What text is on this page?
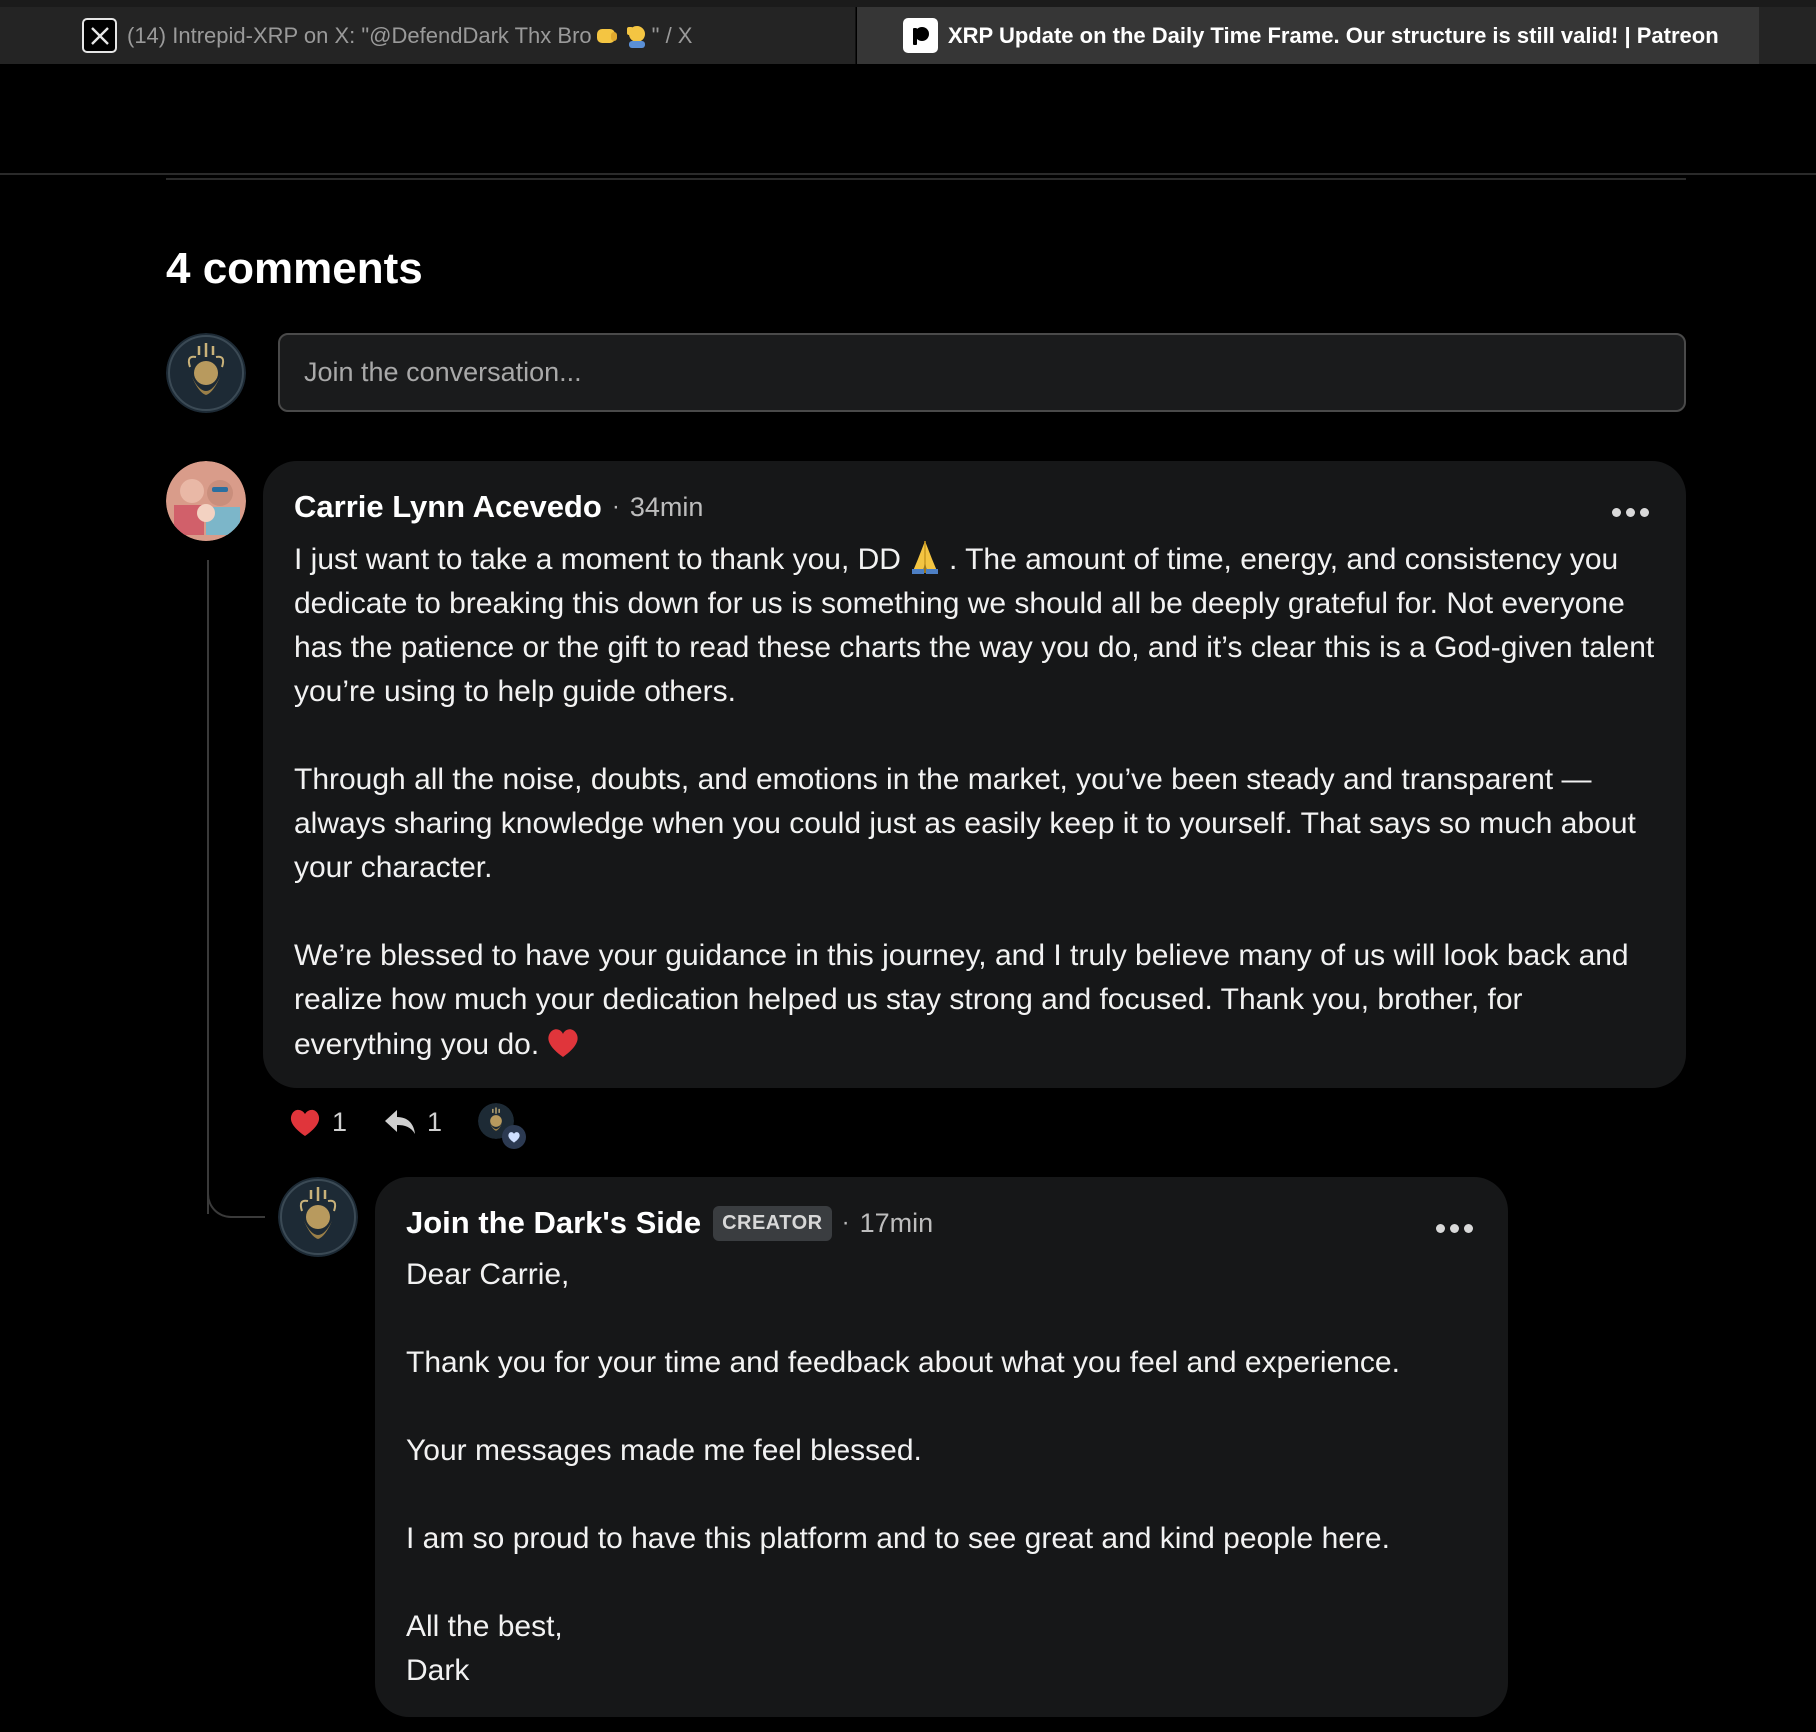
(14) Intrepid-XRP on X: "@DefendDark Thx Bro	" / X	XRP Update on the Daily Time Frame. Our structure is still valid! | Patreon
4 comments
Join the conversation...
Carrie Lynn Acevedo · 34min

I just want to take a moment to thank you, DD . The amount of time, energy, and consistency you dedicate to breaking this down for us is something we should all be deeply grateful for. Not everyone has the patience or the gift to read these charts the way you do, and it’s clear this is a God-given talent you’re using to help guide others.

Through all the noise, doubts, and emotions in the market, you’ve been steady and transparent — always sharing knowledge when you could just as easily keep it to yourself. That says so much about your character.

We’re blessed to have your guidance in this journey, and I truly believe many of us will look back and realize how much your dedication helped us stay strong and focused. Thank you, brother, for everything you do.

1	1
Join the Dark's Side	CREATOR · 17min

Dear Carrie,

Thank you for your time and feedback about what you feel and experience.

Your messages made me feel blessed.

I am so proud to have this platform and to see great and kind people here.

All the best,

Dark
